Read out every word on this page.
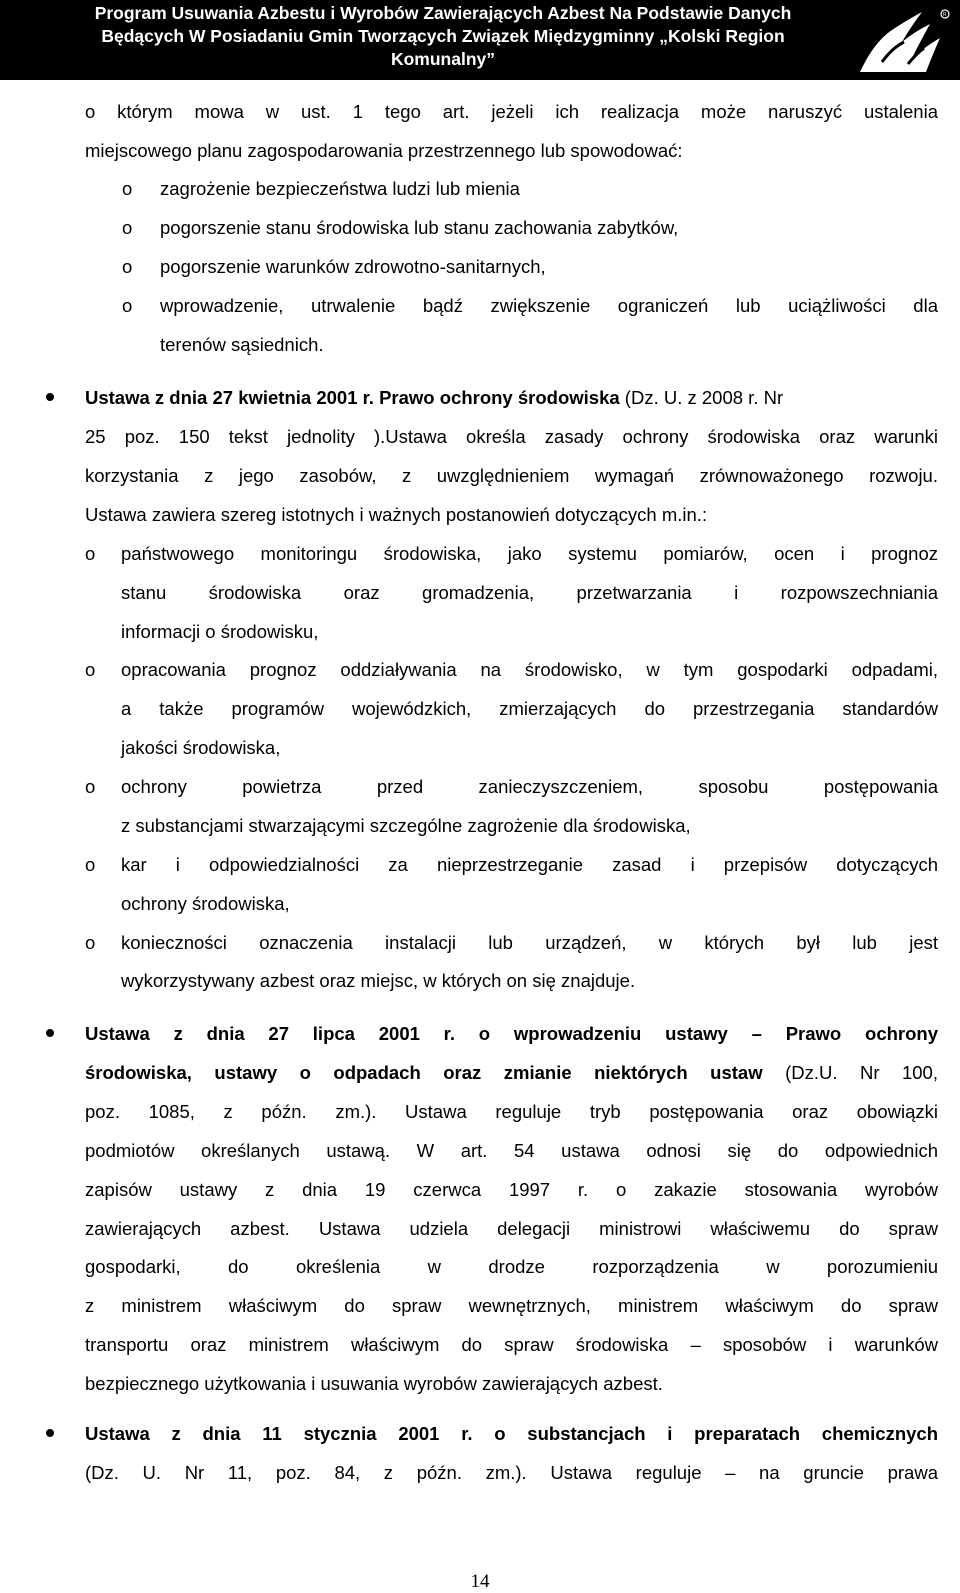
Program Usuwania Azbestu i Wyrobów Zawierających Azbest Na Podstawie Danych
Będących W Posiadaniu Gmin Tworzących Związek Międzygminny „Kolski Region
Komunalny”
R
o którym mowa w ust. 1 tego art. jeżeli ich realizacja może naruszyć ustalenia
miejscowego planu zagospodarowania przestrzennego lub spowodować:
o zagrożenie bezpieczeństwa ludzi lub mienia
o pogorszenie stanu środowiska lub stanu zachowania zabytków,
o pogorszenie warunków zdrowotno-sanitarnych,
o wprowadzenie, utrwalenie bądź zwiększenie ograniczeń lub uciążliwości dla
terenów sąsiednich.
Ustawa z dnia 27 kwietnia 2001 r. Prawo ochrony środowiska (Dz. U. z 2008 r. Nr
25 poz. 150 tekst jednolity ).Ustawa określa zasady ochrony środowiska oraz warunki
korzystania z jego zasobów, z uwzględnieniem wymagań zrównoważonego rozwoju.
Ustawa zawiera szereg istotnych i ważnych postanowień dotyczących m.in.:
o państwowego monitoringu środowiska, jako systemu pomiarów, ocen i prognoz
stanu środowiska oraz gromadzenia, przetwarzania i rozpowszechniania
informacji o środowisku,
o opracowania prognoz oddziaływania na środowisko, w tym gospodarki odpadami,
a także programów wojewódzkich, zmierzających do przestrzegania standardów
jakości środowiska,
o ochrony powietrza przed zanieczyszczeniem, sposobu postępowania
z substancjami stwarzającymi szczególne zagrożenie dla środowiska,
o kar i odpowiedzialności za nieprzestrzeganie zasad i przepisów dotyczących
ochrony środowiska,
o konieczności oznaczenia instalacji lub urządzeń, w których był lub jest
wykorzystywany azbest oraz miejsc, w których on się znajduje.
Ustawa z dnia 27 lipca 2001 r. o wprowadzeniu ustawy – Prawo ochrony
środowiska, ustawy o odpadach oraz zmianie niektórych ustaw (Dz.U. Nr 100,
poz. 1085, z późn. zm.). Ustawa reguluje tryb postępowania oraz obowiązki
podmiotów określanych ustawą. W art. 54 ustawa odnosi się do odpowiednich
zapisów ustawy z dnia 19 czerwca 1997 r. o zakazie stosowania wyrobów
zawierających azbest. Ustawa udziela delegacji ministrowi właściwemu do spraw
gospodarki, do określenia w drodze rozporządzenia w porozumieniu
z ministrem właściwym do spraw wewnętrznych, ministrem właściwym do spraw
transportu oraz ministrem właściwym do spraw środowiska – sposobów i warunków
bezpiecznego użytkowania i usuwania wyrobów zawierających azbest.
Ustawa z dnia 11 stycznia 2001 r. o substancjach i preparatach chemicznych
(Dz. U. Nr 11, poz. 84, z późn. zm.). Ustawa reguluje – na gruncie prawa
14
